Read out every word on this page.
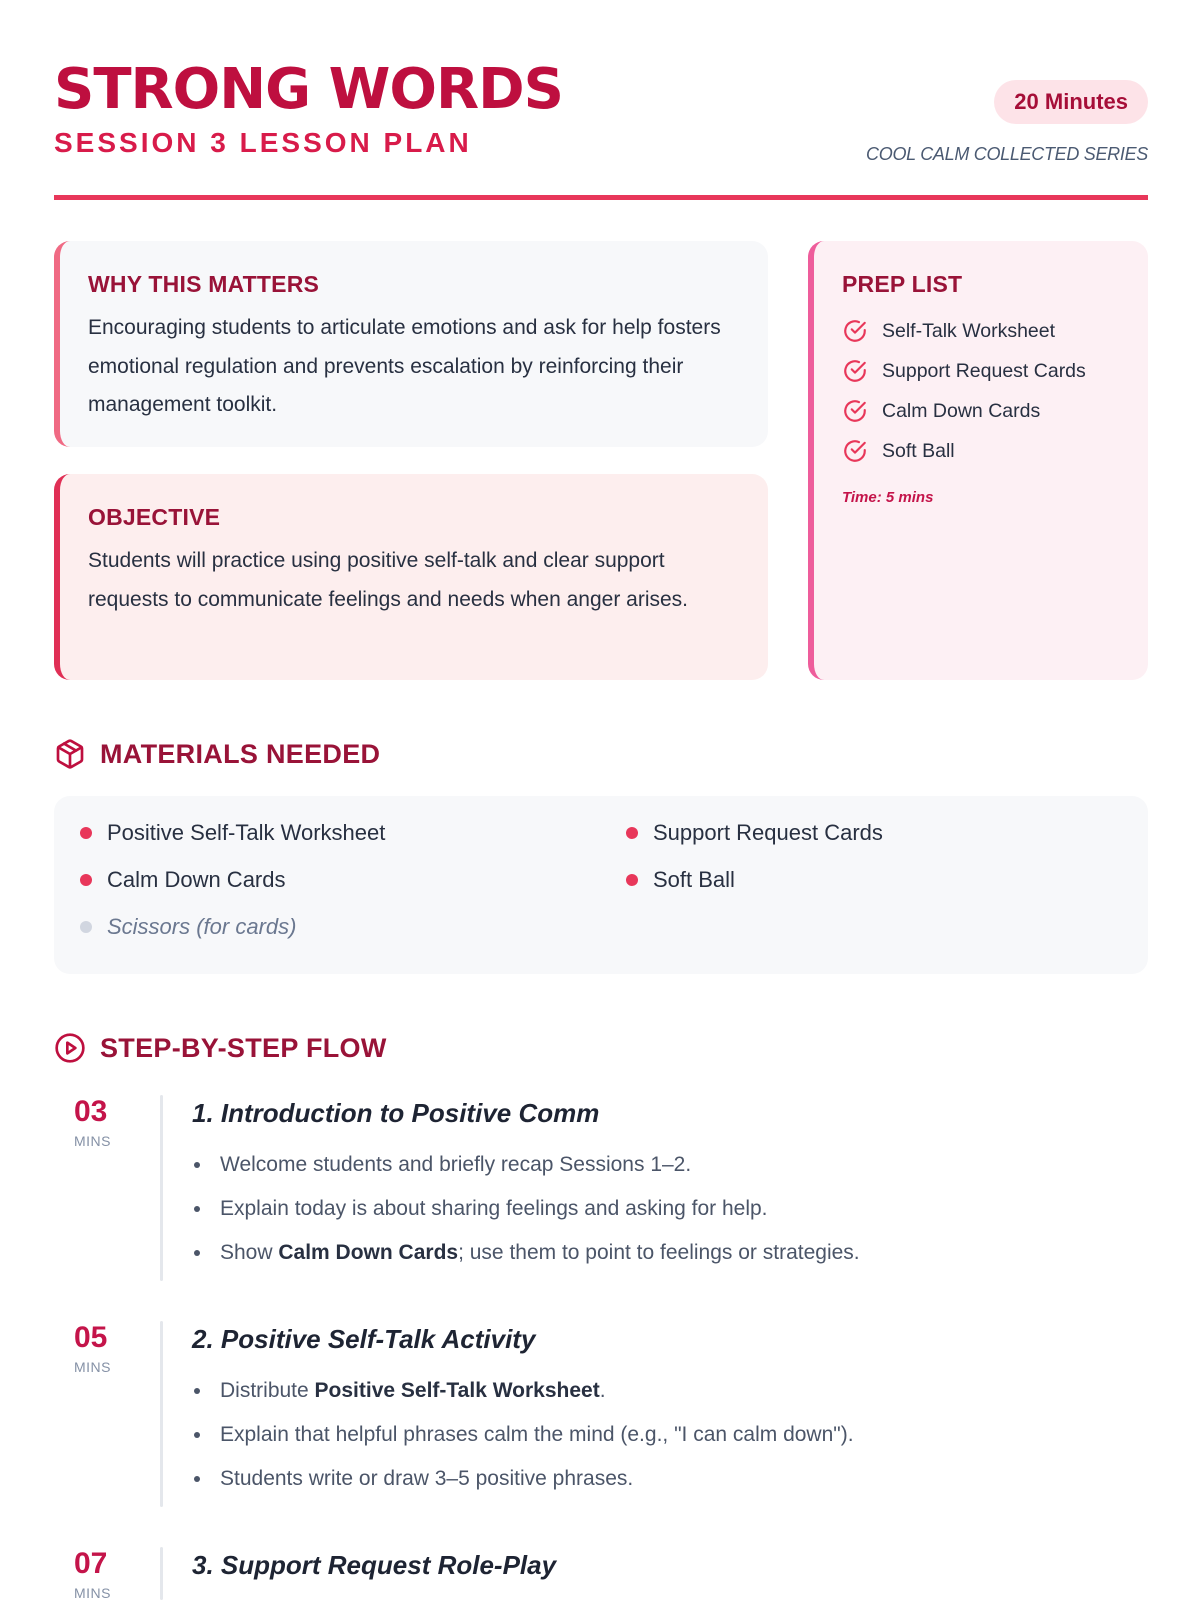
STRONG WORDS
SESSION 3 LESSON PLAN
20 Minutes
COOL CALM COLLECTED SERIES
WHY THIS MATTERS

Encouraging students to articulate emotions and ask for help fosters emotional regulation and prevents escalation by reinforcing their management toolkit.

OBJECTIVE

Students will practice using positive self-talk and clear support requests to communicate feelings and needs when anger arises.

PREP LIST
Self-Talk Worksheet
Support Request Cards
Calm Down Cards
Soft Ball
Time: 5 mins
MATERIALS NEEDED
Positive Self-Talk Worksheet	Support Request Cards
Calm Down Cards	Soft Ball
Scissors (for cards)
STEP-BY-STEP FLOW
03
MINS
1. Introduction to Positive Comm
Welcome students and briefly recap Sessions 1–2.
Explain today is about sharing feelings and asking for help.
Show Calm Down Cards; use them to point to feelings or strategies.
05
MINS
2. Positive Self-Talk Activity
Distribute Positive Self-Talk Worksheet.
Explain that helpful phrases calm the mind (e.g., "I can calm down").
Students write or draw 3–5 positive phrases.
07
MINS
3. Support Request Role-Play
